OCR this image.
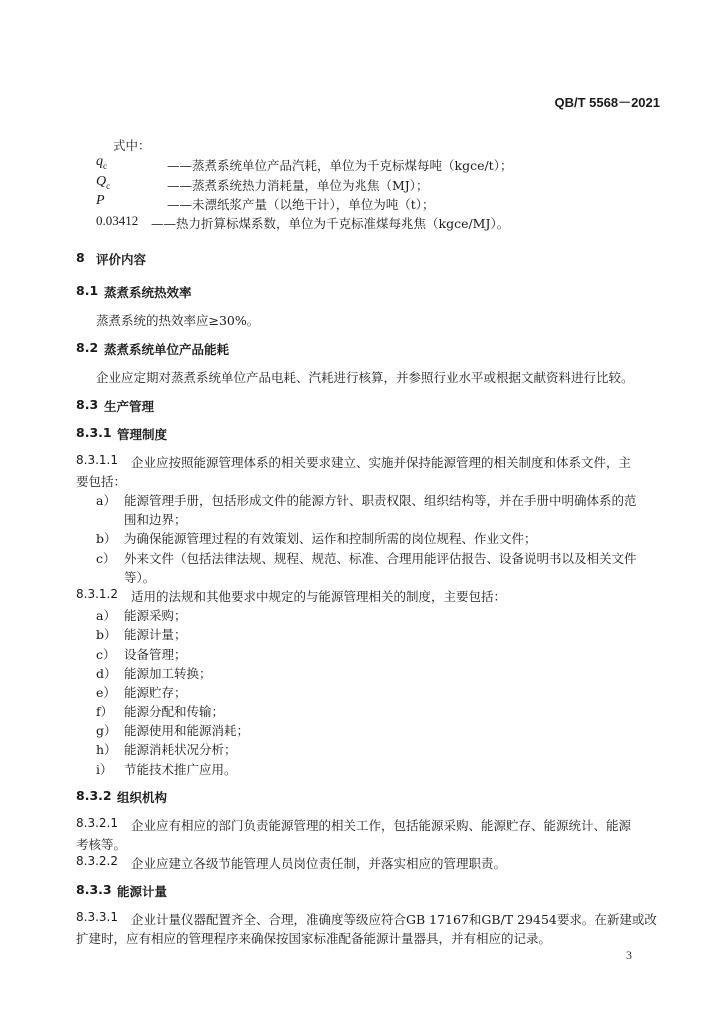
QB/T 5568－2021
式中：
$q_c$	——蒸煮系统单位产品汽耗，单位为千克标煤每吨（kgce/t）；
$Q_c$	——蒸煮系统热力消耗量，单位为兆焦（MJ）；
P	——未漂纸浆产量（以绝干计），单位为吨（t）；
0.03412 ——热力折算标煤系数，单位为千克标准煤每兆焦（kgce/MJ）。
8 评价内容
8.1 蒸煮系统热效率
蒸煮系统的热效率应≥30%。
8.2 蒸煮系统单位产品能耗
企业应定期对蒸煮系统单位产品电耗、汽耗进行核算，并参照行业水平或根据文献资料进行比较。
8.3 生产管理
8.3.1 管理制度
8.3.1.1 企业应按照能源管理体系的相关要求建立、实施并保持能源管理的相关制度和体系文件，主
要包括：
a） 能源管理手册，包括形成文件的能源方针、职责权限、组织结构等，并在手册中明确体系的范
围和边界；
b） 为确保能源管理过程的有效策划、运作和控制所需的岗位规程、作业文件；
c） 外来文件（包括法律法规、规程、规范、标准、合理用能评估报告、设备说明书以及相关文件
等）。
8.3.1.2 适用的法规和其他要求中规定的与能源管理相关的制度，主要包括：
a） 能源采购；
b） 能源计量；
c） 设备管理；
d） 能源加工转换；
e） 能源贮存；
f） 能源分配和传输；
g） 能源使用和能源消耗；
h） 能源消耗状况分析；
i） 节能技术推广应用。
8.3.2 组织机构
8.3.2.1 企业应有相应的部门负责能源管理的相关工作，包括能源采购、能源贮存、能源统计、能源
考核等。
8.3.2.2 企业应建立各级节能管理人员岗位责任制，并落实相应的管理职责。
8.3.3 能源计量
8.3.3.1 企业计量仪器配置齐全、合理，准确度等级应符合GB 17167和GB/T 29454要求。在新建或改
扩建时，应有相应的管理程序来确保按国家标准配备能源计量器具，并有相应的记录。
3
